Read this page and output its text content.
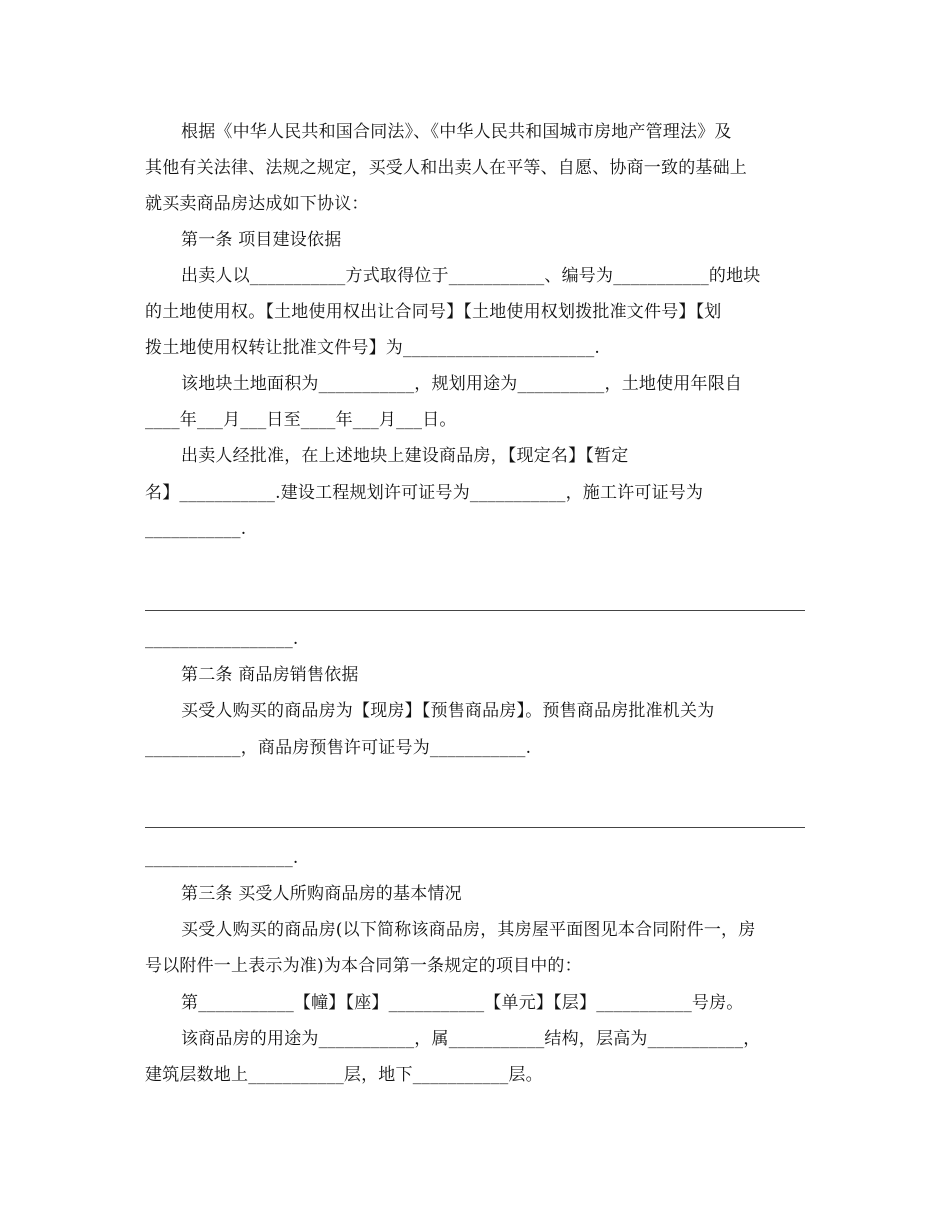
根据《中华人民共和国合同法》、《中华人民共和国城市房地产管理法》及
其他有关法律、法规之规定，买受人和出卖人在平等、自愿、协商一致的基础上
就买卖商品房达成如下协议：
第一条 项目建设依据
出卖人以___________方式取得位于___________、编号为___________的地块
的土地使用权。【土地使用权出让合同号】【土地使用权划拨批准文件号】【划
拨土地使用权转让批准文件号】为______________________.
该地块土地面积为___________，规划用途为__________，土地使用年限自
____年___月___日至____年___月___日。
出卖人经批准，在上述地块上建设商品房，【现定名】【暂定
名】___________.建设工程规划许可证号为___________，施工许可证号为
___________.
_________________.
第二条 商品房销售依据
买受人购买的商品房为【现房】【预售商品房】。预售商品房批准机关为
___________，商品房预售许可证号为___________.
_________________.
第三条 买受人所购商品房的基本情况
买受人购买的商品房(以下简称该商品房，其房屋平面图见本合同附件一，房
号以附件一上表示为准)为本合同第一条规定的项目中的：
第___________【幢】【座】___________【单元】【层】___________号房。
该商品房的用途为___________，属___________结构，层高为___________，
建筑层数地上___________层，地下___________层。
